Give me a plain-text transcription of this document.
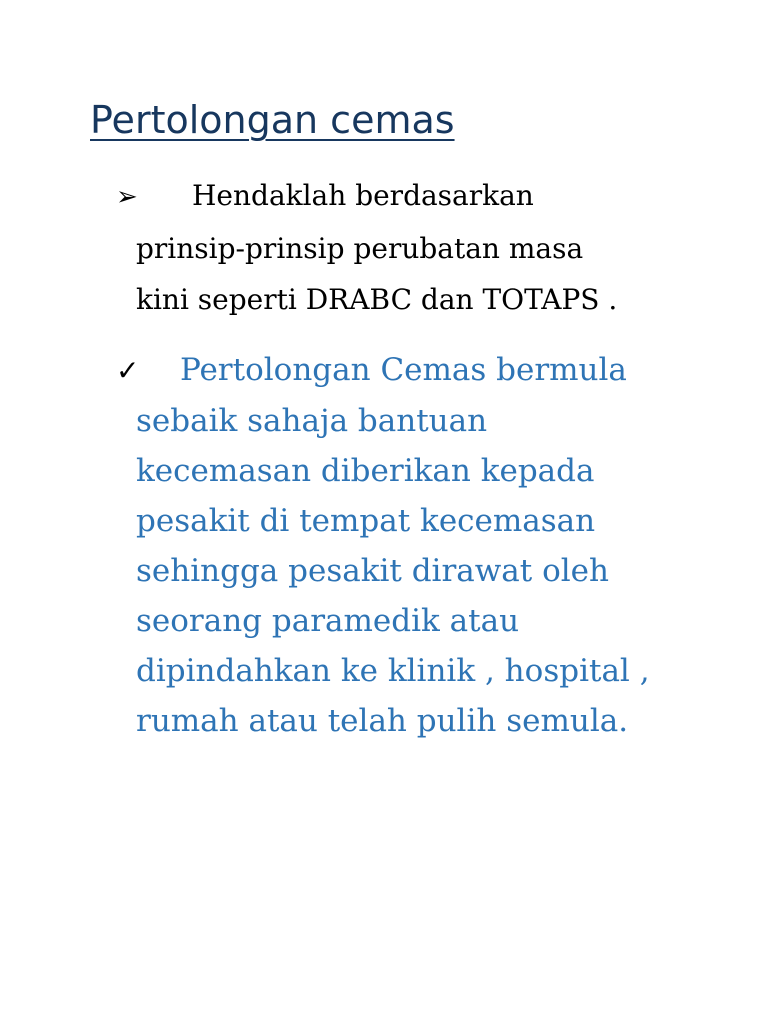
Pertolongan cemas
➢ Hendaklah berdasarkan
prinsip-prinsip perubatan masa
kini seperti DRABC dan TOTAPS .
✓ Pertolongan Cemas bermula
sebaik sahaja bantuan
kecemasan diberikan kepada
pesakit di tempat kecemasan
sehingga pesakit dirawat oleh
seorang paramedik atau
dipindahkan ke klinik , hospital ,
rumah atau telah pulih semula.
